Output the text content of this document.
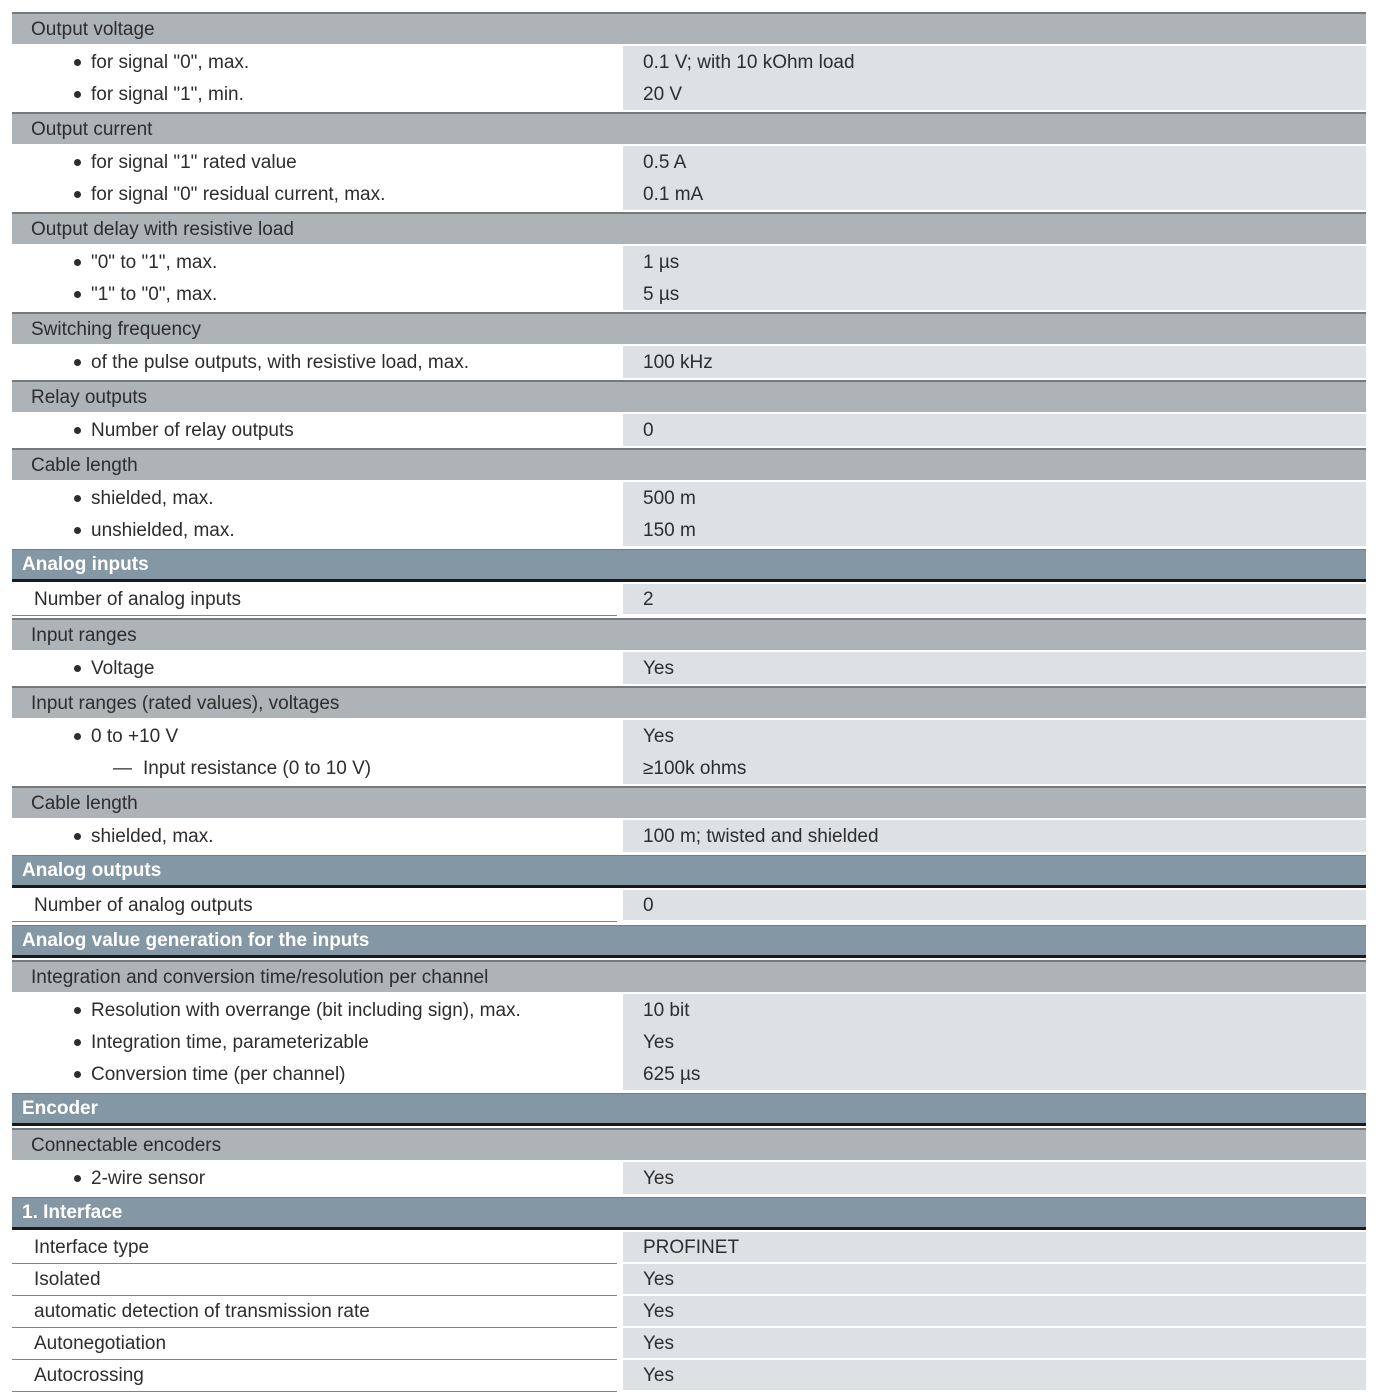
Output voltage
for signal "0", max.	0.1 V; with 10 kOhm load
for signal "1", min.	20 V
Output current
for signal "1" rated value	0.5 A
for signal "0" residual current, max.	0.1 mA
Output delay with resistive load
"0" to "1", max.	1 µs
"1" to "0", max.	5 µs
Switching frequency
of the pulse outputs, with resistive load, max.	100 kHz
Relay outputs
Number of relay outputs	0
Cable length
shielded, max.	500 m
unshielded, max.	150 m
Analog inputs
Number of analog inputs	2
Input ranges
Voltage	Yes
Input ranges (rated values), voltages
0 to +10 V	Yes
— Input resistance (0 to 10 V)	≥100k ohms
Cable length
shielded, max.	100 m; twisted and shielded
Analog outputs
Number of analog outputs	0
Analog value generation for the inputs
Integration and conversion time/resolution per channel
Resolution with overrange (bit including sign), max.	10 bit
Integration time, parameterizable	Yes
Conversion time (per channel)	625 µs
Encoder
Connectable encoders
2-wire sensor	Yes
1. Interface
Interface type	PROFINET
Isolated	Yes
automatic detection of transmission rate	Yes
Autonegotiation	Yes
Autocrossing	Yes
